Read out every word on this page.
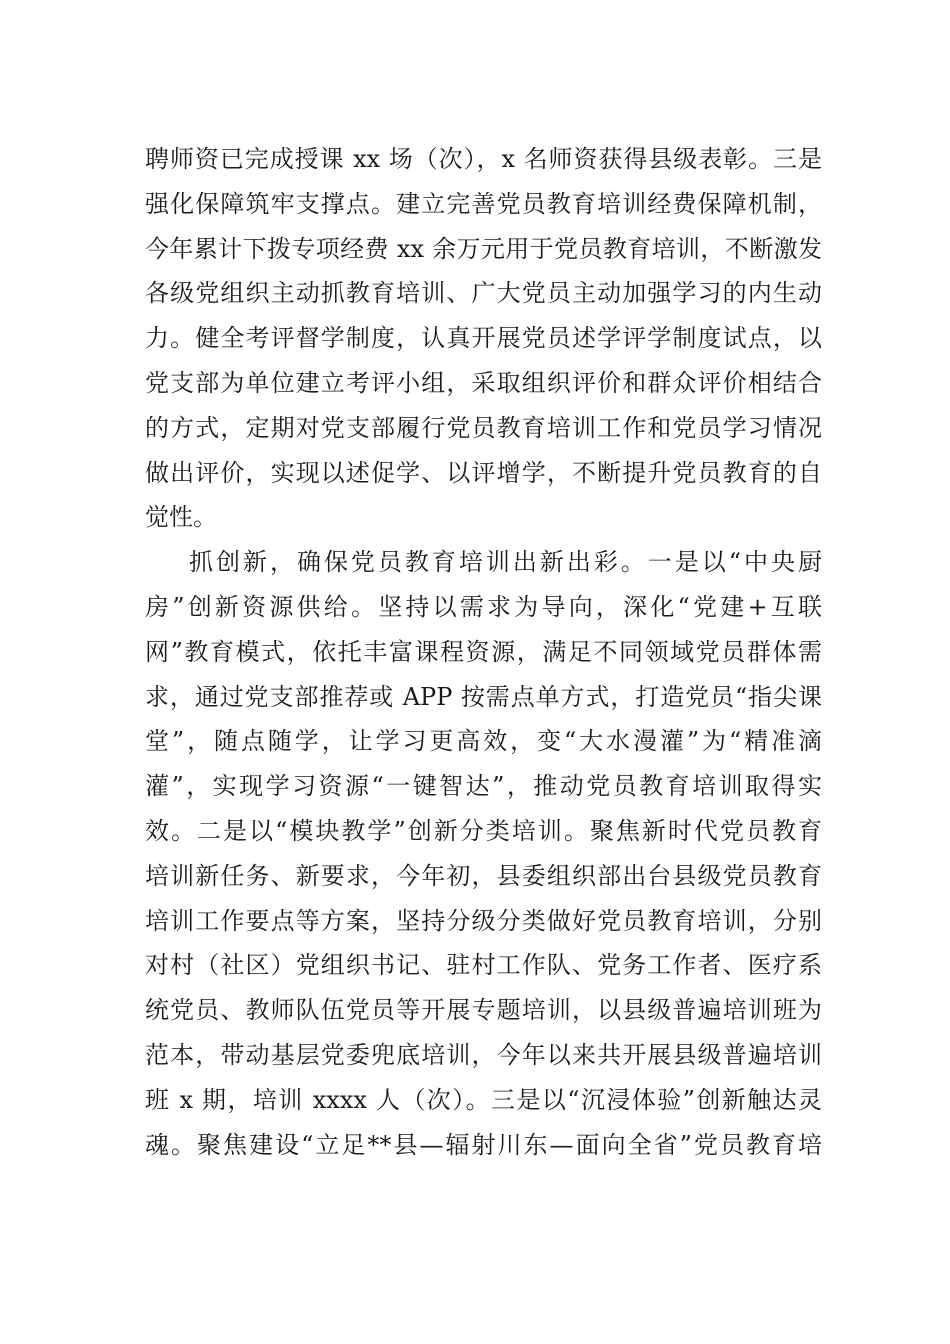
聘师资已完成授课 xx 场（次），x 名师资获得县级表彰。三是
强化保障筑牢支撑点。建立完善党员教育培训经费保障机制，
今年累计下拨专项经费 xx 余万元用于党员教育培训，不断激发
各级党组织主动抓教育培训、广大党员主动加强学习的内生动
力。健全考评督学制度，认真开展党员述学评学制度试点，以
党支部为单位建立考评小组，采取组织评价和群众评价相结合
的方式，定期对党支部履行党员教育培训工作和党员学习情况
做出评价，实现以述促学、以评增学，不断提升党员教育的自
觉性。
抓创新，确保党员教育培训出新出彩。一是以“中央厨
房”创新资源供给。坚持以需求为导向，深化“党建+互联
网”教育模式，依托丰富课程资源，满足不同领域党员群体需
求，通过党支部推荐或 APP 按需点单方式，打造党员“指尖课
堂”，随点随学，让学习更高效，变“大水漫灌”为“精准滴
灌”，实现学习资源“一键智达”，推动党员教育培训取得实
效。二是以“模块教学”创新分类培训。聚焦新时代党员教育
培训新任务、新要求，今年初，县委组织部出台县级党员教育
培训工作要点等方案，坚持分级分类做好党员教育培训，分别
对村（社区）党组织书记、驻村工作队、党务工作者、医疗系
统党员、教师队伍党员等开展专题培训，以县级普遍培训班为
范本，带动基层党委兜底培训，今年以来共开展县级普遍培训
班 x 期，培训 xxxx 人（次）。三是以“沉浸体验”创新触达灵
魂。聚焦建设“立足**县—辐射川东—面向全省”党员教育培
